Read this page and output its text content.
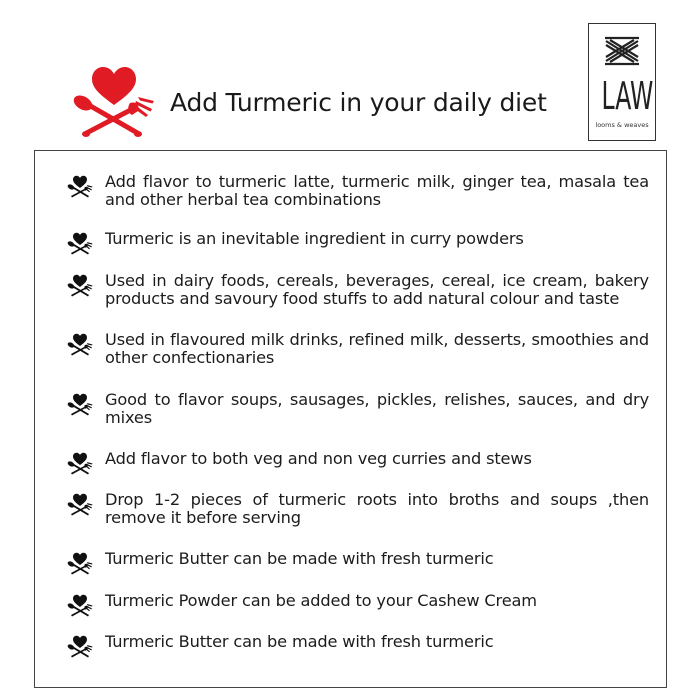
Add Turmeric in your daily diet LAW
looms & weaves
Add flavor to turmeric latte, turmeric milk, ginger tea, masala tea and other herbal tea combinations
Turmeric is an inevitable ingredient in curry powders
Used in dairy foods, cereals, beverages, cereal, ice cream, bakery products and savoury food stuffs to add natural colour and taste
Used in flavoured milk drinks, refined milk, desserts, smoothies and other confectionaries
Good to flavor soups, sausages, pickles, relishes, sauces, and dry mixes
Add flavor to both veg and non veg curries and stews
Drop 1-2 pieces of turmeric roots into broths and soups ,then remove it before serving
Turmeric Butter can be made with fresh turmeric
Turmeric Powder can be added to your Cashew Cream
Turmeric Butter can be made with fresh turmeric
